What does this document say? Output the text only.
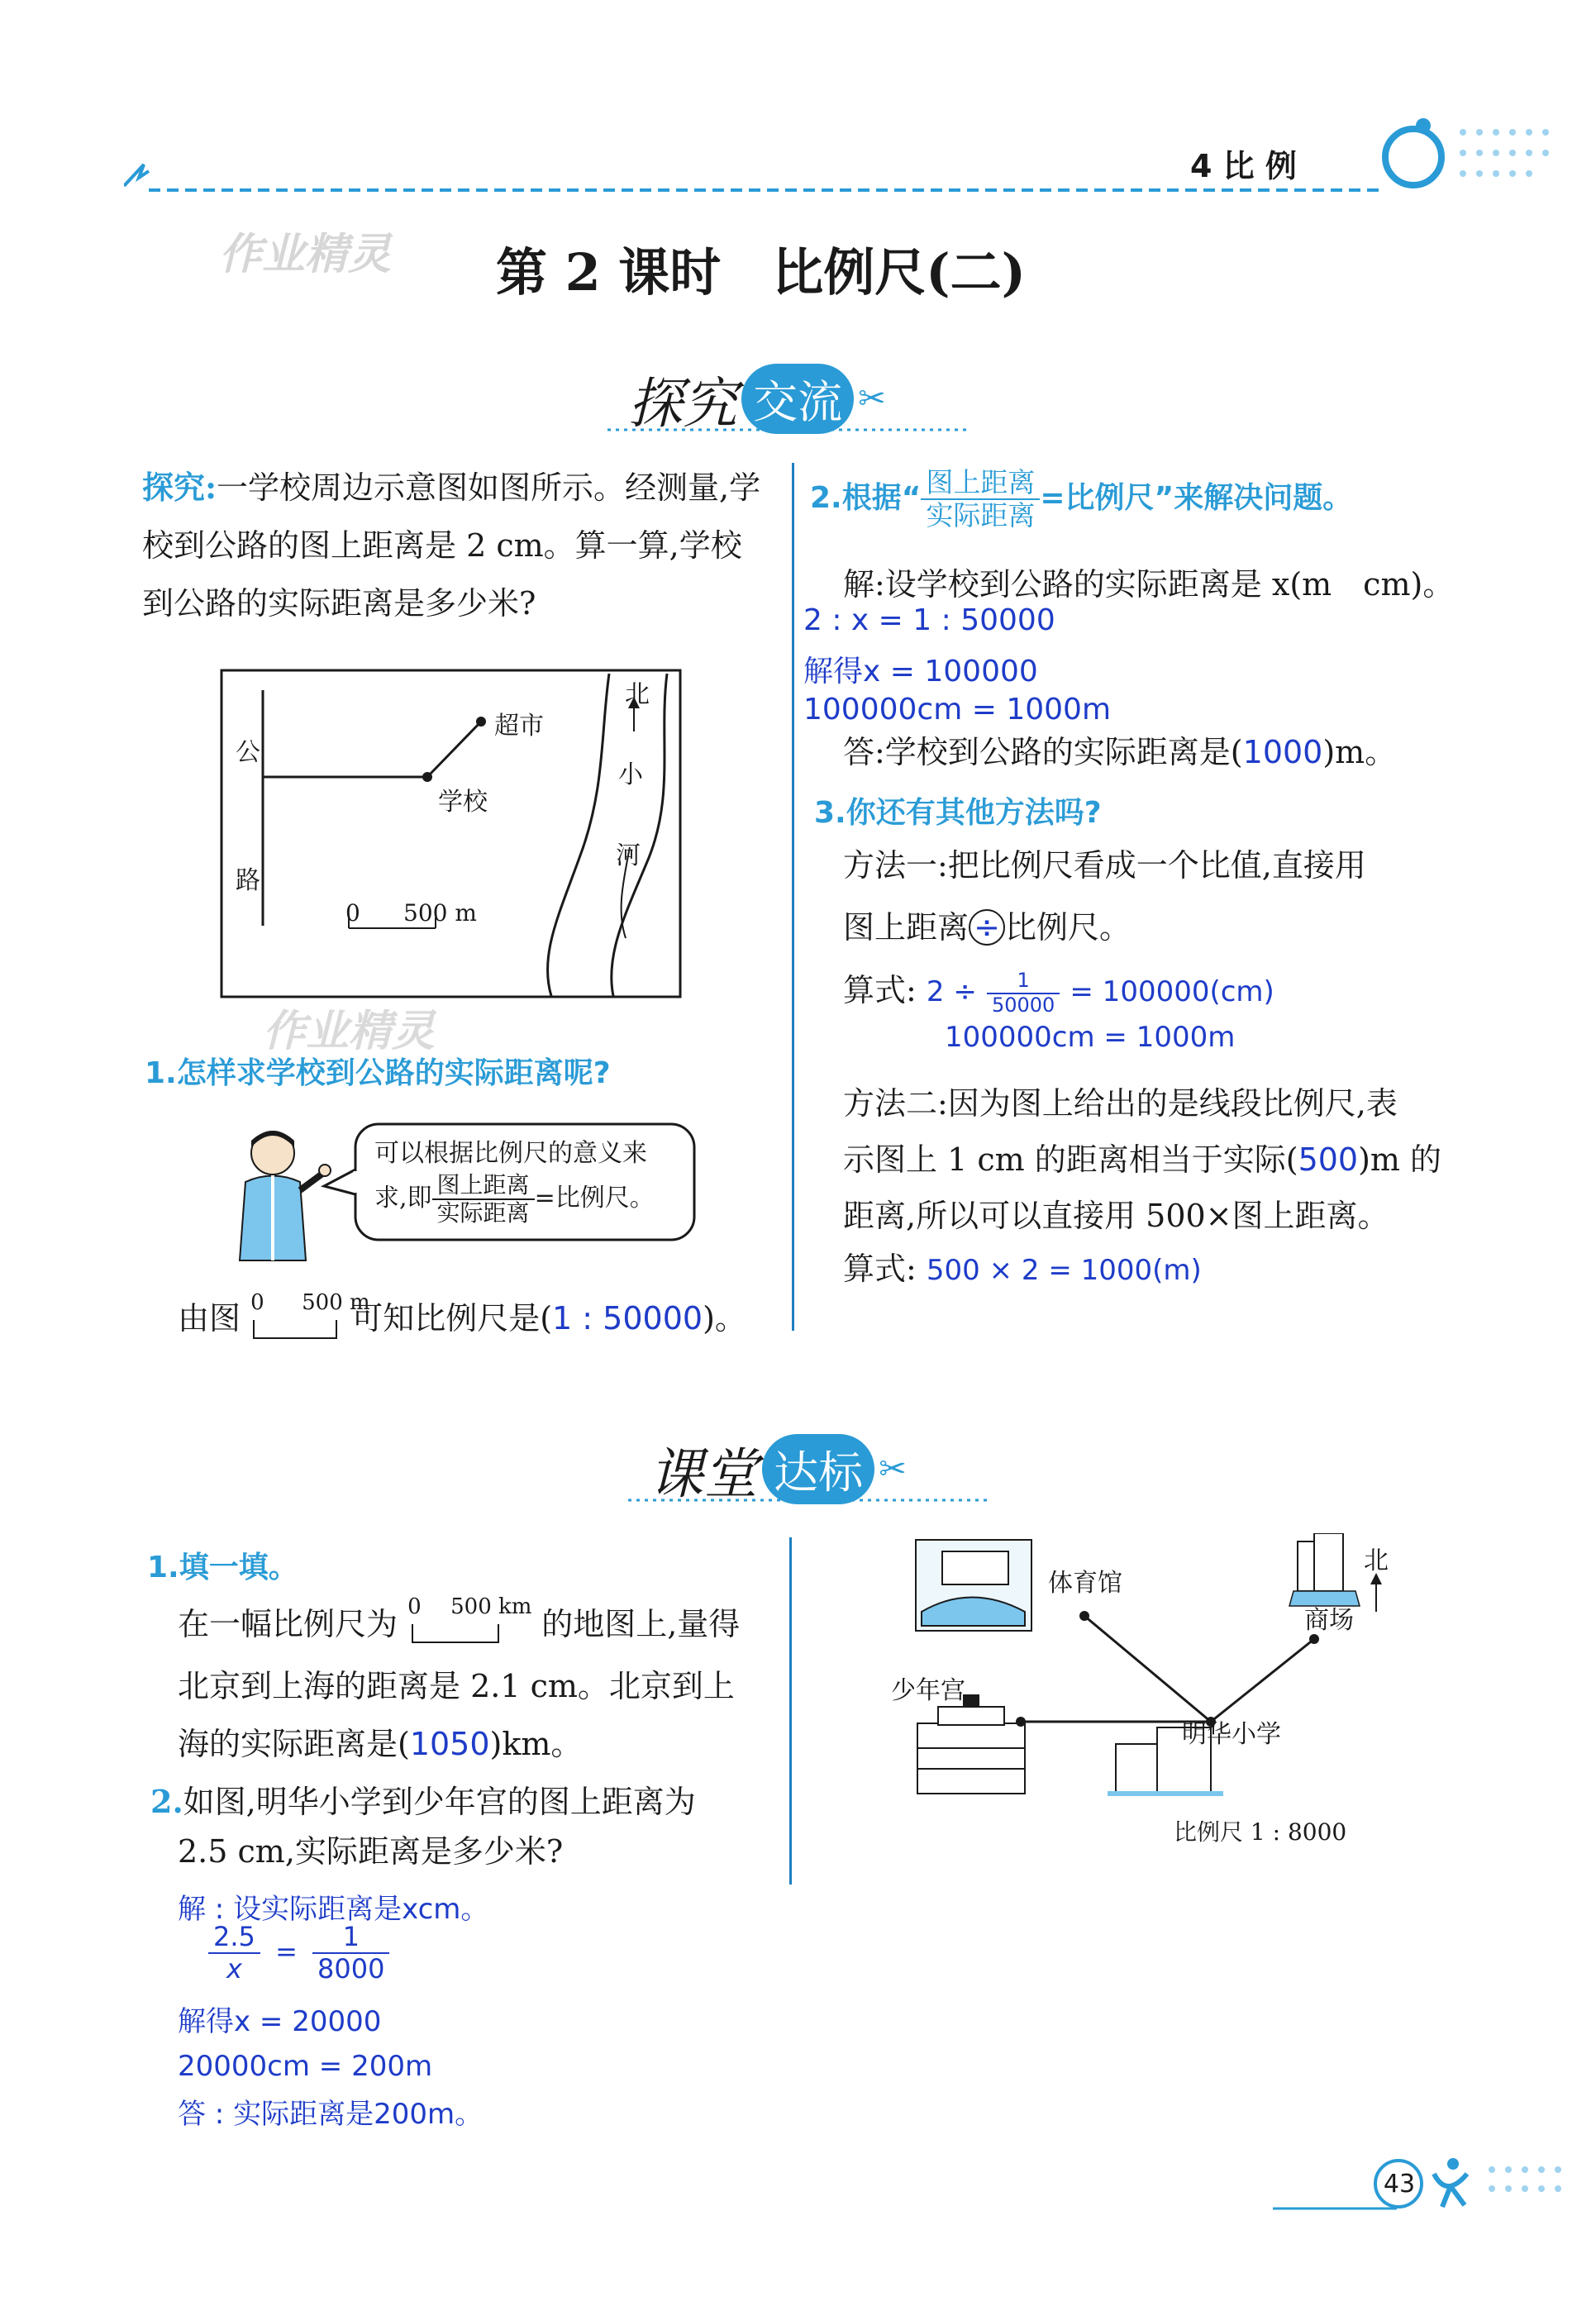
4 比 例
作业精灵 第 2 课时　比例尺(二)
探究 交流 ✂
探究:一学校周边示意图如图所示。经测量,学校到公路的图上距离是 2 cm。算一算,学校到公路的实际距离是多少米?
公
路
超市
学校
北
小
河
0 500 m
作业精灵
1.怎样求学校到公路的实际距离呢?
可以根据比例尺的意义来
求,即 $\frac{\text{图上距离}}{\text{实际距离}}$ =比例尺。
由图 0 500 m
可知比例尺是(1 : 50000)。
2.根据“ $\frac{\text{图上距离}}{\text{实际距离}}$ =比例尺”来解决问题。
解:设学校到公路的实际距离是 x(m　cm)。
2 : x = 1 : 50000
解得x = 100000
100000cm = 1000m
答:学校到公路的实际距离是(1000)m。
3.你还有其他方法吗?
方法一:把比例尺看成一个比值,直接用
图上距离 ÷ 比例尺。
算式: $2 \div \frac{1}{50000} = 100000(cm)$
100000cm = 1000m
方法二:因为图上给出的是线段比例尺,表
示图上 1 cm 的距离相当于实际(500)m 的
距离,所以可以直接用 500×图上距离。
算式: 500 × 2 = 1000(m)
课堂 达标 ✂
1.填一填。
在一幅比例尺为 0 500 km 的地图上,量得
北京到上海的距离是 2.1 cm。北京到上
海的实际距离是(1050)km。
2.如图,明华小学到少年宫的图上距离为
2.5 cm,实际距离是多少米?
解 : 设实际距离是xcm。
$\frac{2.5}{x} = \frac{1}{8000}$
解得x = 20000
20000cm = 200m
答 : 实际距离是200m。
体育馆
商场
北
少年宫
明华小学
比例尺 1 : 8000
43
